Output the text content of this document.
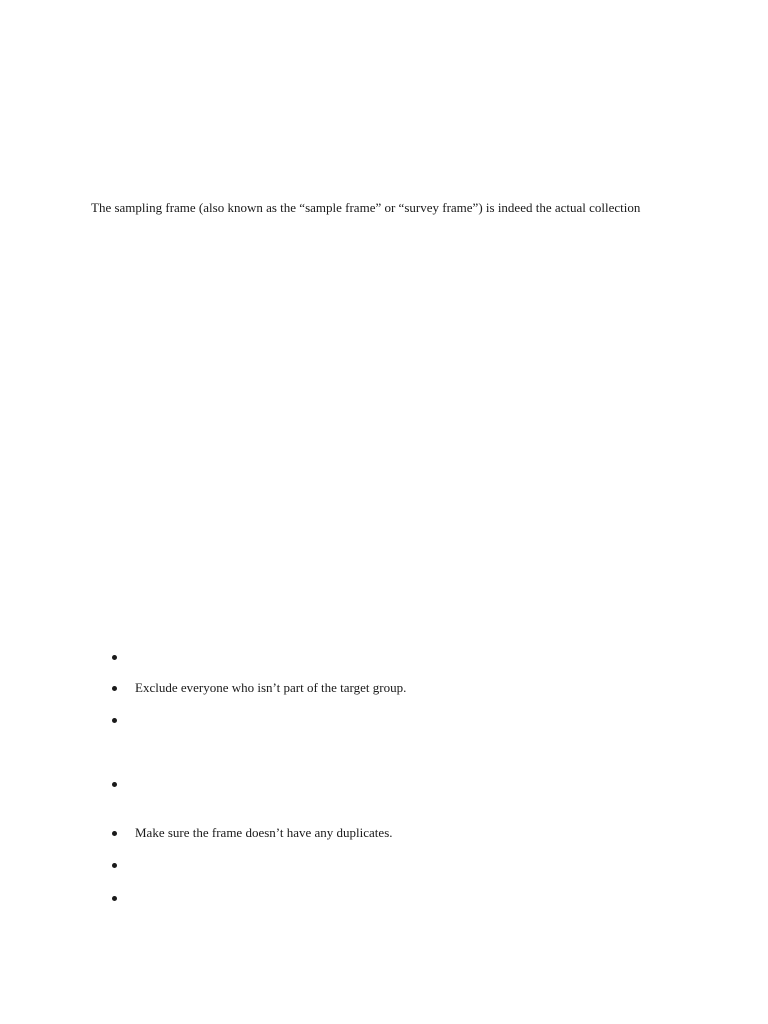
The sampling frame (also known as the “sample frame” or “survey frame”) is indeed the actual collection
Exclude everyone who isn’t part of the target group.
Make sure the frame doesn’t have any duplicates.
